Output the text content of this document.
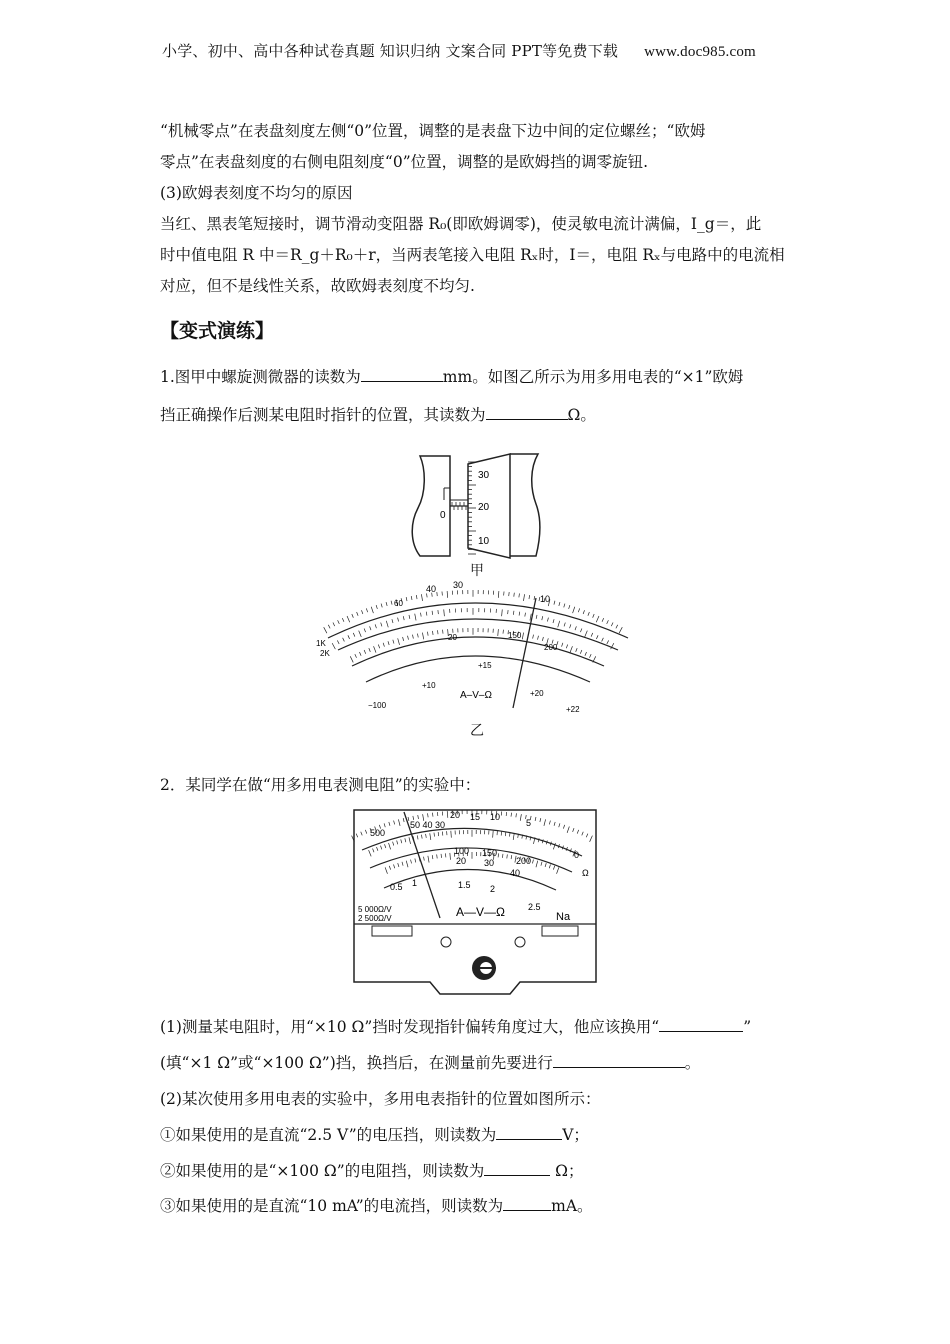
小学、初中、高中各种试卷真题 知识归纳 文案合同 PPT等免费下载 www.doc985.com
“机械零点”在表盘刻度左侧“0”位置，调整的是表盘下边中间的定位螺丝；“欧姆
零点”在表盘刻度的右侧电阻刻度“0”位置，调整的是欧姆挡的调零旋钮.
(3)欧姆表刻度不均匀的原因
当红、黑表笔短接时，调节滑动变阻器 R₀(即欧姆调零)，使灵敏电流计满偏，I_g＝，此
时中值电阻 R 中＝R_g＋R₀＋r，当两表笔接入电阻 Rₓ时，I＝，电阻 Rₓ与电路中的电流相
对应，但不是线性关系，故欧姆表刻度不均匀.
【变式演练】
1.图甲中螺旋测微器的读数为	mm。如图乙所示为用多用电表的“×1”欧姆
挡正确操作后测某电阻时指针的位置，其读数为	Ω。
0
30
20
10
甲
A–V–Ω
40 30
10
60
150
20
200
+15
+10
+20
+22
−100
1K
2K
乙
2．某同学在做“用多用电表测电阻”的实验中：
A—V—Ω	Na
5 000Ω/V
2 500Ω/V
500
50 40 30
20 15 10
5
0
100 150
200
20 30
40
1.5 2
2.5
0.5 1
Ω
(1)测量某电阻时，用“×10 Ω”挡时发现指针偏转角度过大，他应该换用“	”
(填“×1 Ω”或“×100 Ω”)挡，换挡后，在测量前先要进行	。
(2)某次使用多用电表的实验中，多用电表指针的位置如图所示：
①如果使用的是直流“2.5 V”的电压挡，则读数为	V；
②如果使用的是“×100 Ω”的电阻挡，则读数为	Ω；
③如果使用的是直流“10 mA”的电流挡，则读数为	mA。
